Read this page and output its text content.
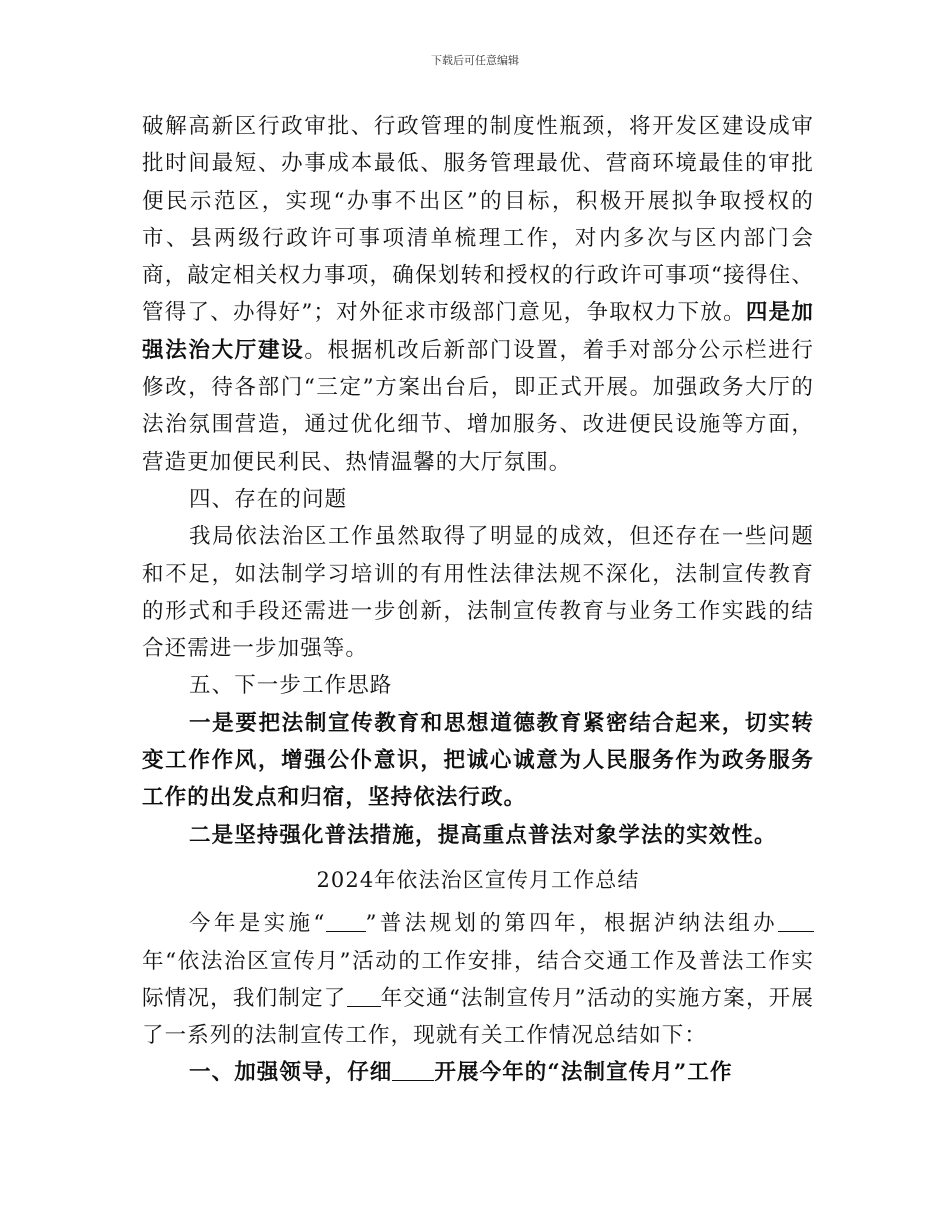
下载后可任意编辑

破解高新区行政审批、行政管理的制度性瓶颈，将开发区建设成审批时间最短、办事成本最低、服务管理最优、营商环境最佳的审批便民示范区，实现“办事不出区”的目标，积极开展拟争取授权的市、县两级行政许可事项清单梳理工作，对内多次与区内部门会商，敲定相关权力事项，确保划转和授权的行政许可事项“接得住、管得了、办得好”；对外征求市级部门意见，争取权力下放。四是加强法治大厅建设。根据机改后新部门设置，着手对部分公示栏进行修改，待各部门“三定”方案出台后，即正式开展。加强政务大厅的法治氛围营造，通过优化细节、增加服务、改进便民设施等方面，营造更加便民利民、热情温馨的大厅氛围。

四、存在的问题

我局依法治区工作虽然取得了明显的成效，但还存在一些问题和不足，如法制学习培训的有用性法律法规不深化，法制宣传教育的形式和手段还需进一步创新，法制宣传教育与业务工作实践的结合还需进一步加强等。

五、下一步工作思路

一是要把法制宣传教育和思想道德教育紧密结合起来，切实转变工作作风，增强公仆意识，把诚心诚意为人民服务作为政务服务工作的出发点和归宿，坚持依法行政。

二是坚持强化普法措施，提高重点普法对象学法的实效性。

2024年依法治区宣传月工作总结

今年是实施“ ”普法规划的第四年，根据泸纳法组办年“依法治区宣传月”活动的工作安排，结合交通工作及普法工作实际情况，我们制定了 年交通“法制宣传月”活动的实施方案，开展了一系列的法制宣传工作，现就有关工作情况总结如下：

一、加强领导，仔细 开展今年的“法制宣传月”工作
